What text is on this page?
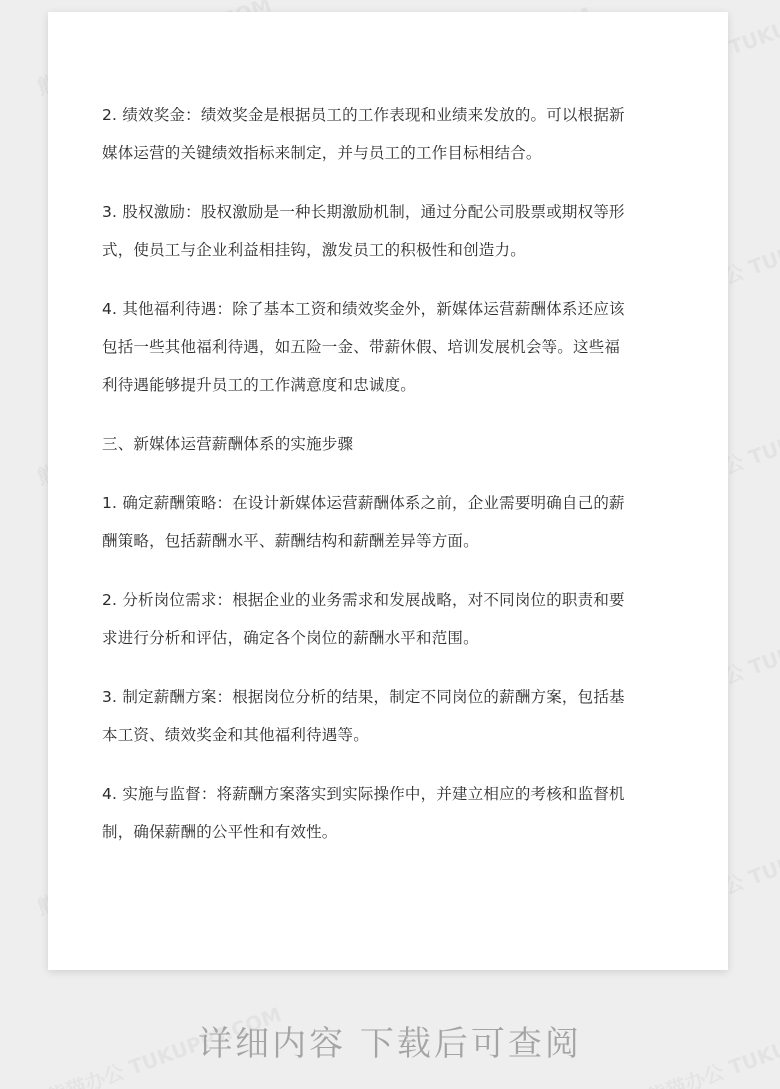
2. 绩效奖金：绩效奖金是根据员工的工作表现和业绩来发放的。可以根据新媒体运营的关键绩效指标来制定，并与员工的工作目标相结合。

3. 股权激励：股权激励是一种长期激励机制，通过分配公司股票或期权等形式，使员工与企业利益相挂钩，激发员工的积极性和创造力。

4. 其他福利待遇：除了基本工资和绩效奖金外，新媒体运营薪酬体系还应该包括一些其他福利待遇，如五险一金、带薪休假、培训发展机会等。这些福利待遇能够提升员工的工作满意度和忠诚度。

三、新媒体运营薪酬体系的实施步骤

1. 确定薪酬策略：在设计新媒体运营薪酬体系之前，企业需要明确自己的薪酬策略，包括薪酬水平、薪酬结构和薪酬差异等方面。

2. 分析岗位需求：根据企业的业务需求和发展战略，对不同岗位的职责和要求进行分析和评估，确定各个岗位的薪酬水平和范围。

3. 制定薪酬方案：根据岗位分析的结果，制定不同岗位的薪酬方案，包括基本工资、绩效奖金和其他福利待遇等。

4. 实施与监督：将薪酬方案落实到实际操作中，并建立相应的考核和监督机制，确保薪酬的公平性和有效性。

详细内容 下载后可查阅
